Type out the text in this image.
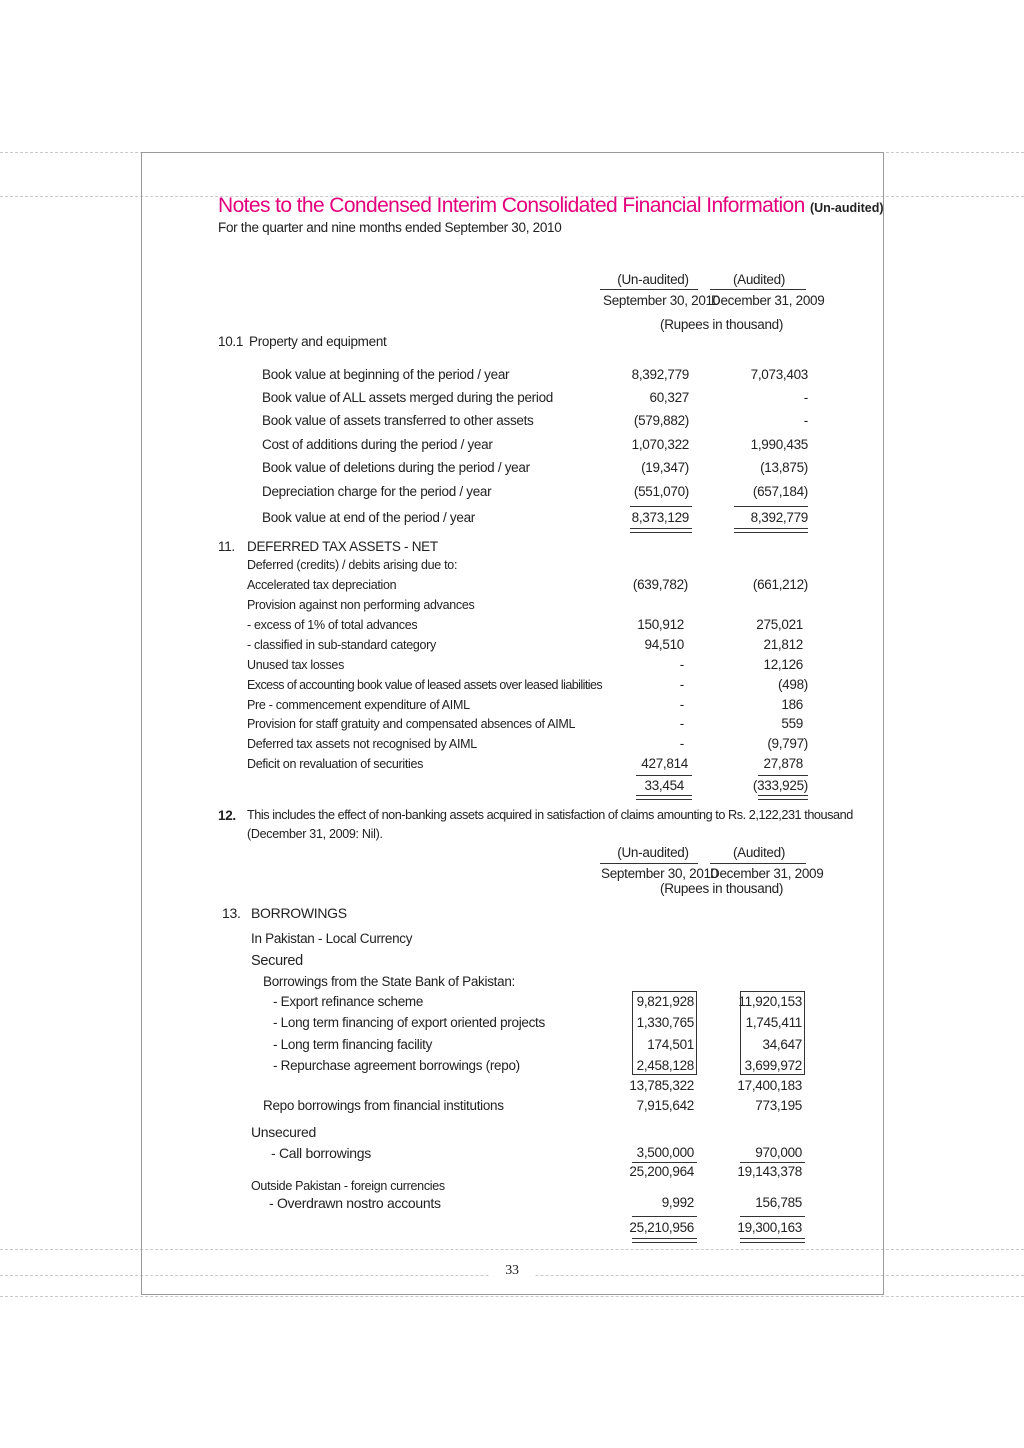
Notes to the Condensed Interim Consolidated Financial Information (Un-audited)
For the quarter and nine months ended September 30, 2010
(Un-audited)	(Audited)
September 30, 2010
December 31, 2009
(Rupees in thousand)
10.1 Property and equipment
Book value at beginning of the period / year	8,392,779	7,073,403
Book value of ALL assets merged during the period	60,327	-
Book value of assets transferred to other assets	(579,882)	-
Cost of additions during the period / year	1,070,322	1,990,435
Book value of deletions during the period / year	(19,347)	(13,875)
Depreciation charge for the period / year	(551,070)	(657,184)
Book value at end of the period / year	8,373,129	8,392,779
11. DEFERRED TAX ASSETS - NET
Deferred (credits) / debits arising due to:
Accelerated tax depreciation	(639,782)	(661,212)
Provision against non performing advances
- excess of 1% of total advances	150,912	275,021
- classified in sub-standard category	94,510	21,812
Unused tax losses	-	12,126
Excess of accounting book value of leased assets over leased liabilities	-	(498)
Pre - commencement expenditure of AIML	-	186
Provision for staff gratuity and compensated absences of AIML	-	559
Deferred tax assets not recognised by AIML	-	(9,797)
Deficit on revaluation of securities	427,814	27,878
33,454	(333,925)
12. This includes the effect of non-banking assets acquired in satisfaction of claims amounting to Rs. 2,122,231 thousand
(December 31, 2009: Nil).
(Un-audited)	(Audited)
September 30, 2010
December 31, 2009
(Rupees in thousand)
13. BORROWINGS
In Pakistan - Local Currency
Secured
Borrowings from the State Bank of Pakistan:
- Export refinance scheme	9,821,928	11,920,153
- Long term financing of export oriented projects	1,330,765	1,745,411
- Long term financing facility	174,501	34,647
- Repurchase agreement borrowings (repo)	2,458,128	3,699,972
13,785,322	17,400,183
Repo borrowings from financial institutions	7,915,642	773,195
Unsecured
- Call borrowings	3,500,000	970,000
25,200,964	19,143,378
Outside Pakistan - foreign currencies
- Overdrawn nostro accounts	9,992	156,785
25,210,956	19,300,163
33
